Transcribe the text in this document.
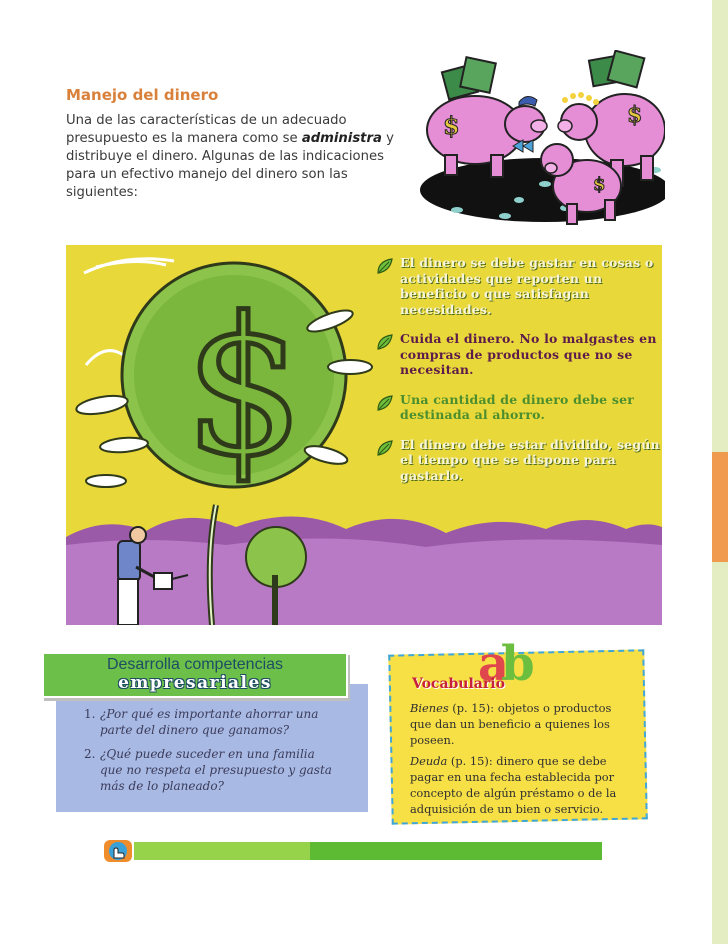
Manejo del dinero
Una de las características de un adecuado presupuesto es la manera como se administra y distribuye el dinero. Algunas de las indicaciones para un efectivo manejo del dinero son las siguientes:
$	$
$
$
El dinero se debe gastar en cosas o actividades que reporten un beneficio o que satisfagan necesidades.
Cuida el dinero. No lo malgastes en compras de productos que no se necesitan.
Una cantidad de dinero debe ser destinada al ahorro.
El dinero debe estar dividido, según el tiempo que se dispone para gastarlo.
Desarrolla competencias
empresariales
1. ¿Por qué es importante ahorrar una parte del dinero que ganamos?
2. ¿Qué puede suceder en una familia que no respeta el presupuesto y gasta más de lo planeado?
ab
Vocabulario

Bienes (p. 15): objetos o productos que dan un beneficio a quienes los poseen.

Deuda (p. 15): dinero que se debe pagar en una fecha establecida por concepto de algún préstamo o de la adquisición de un bien o servicio.
